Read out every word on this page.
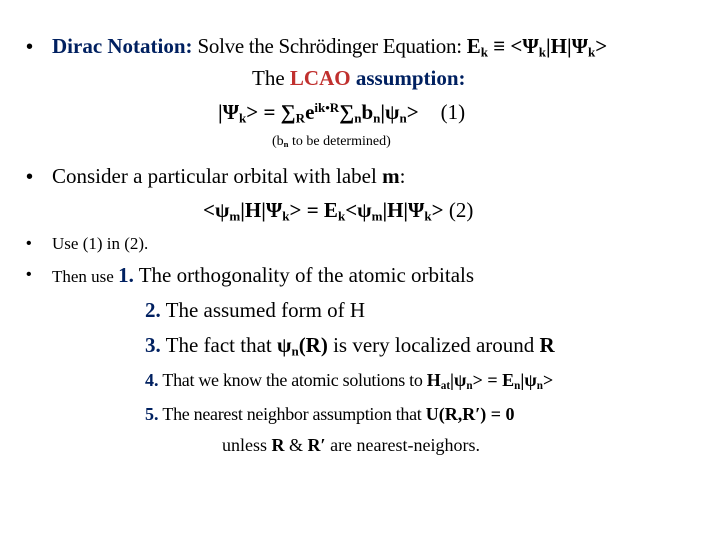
• Dirac Notation: Solve the Schrödinger Equation: $E_k \equiv <\Psi_k|H|\Psi_k>$
The LCAO assumption:
$|\Psi_k> = \sum_Re^{ik•R}\sum_nb_n|\psi_n> (1)$
($b_n$ to be determined)
• Consider a particular orbital with label m:
$<\psi_m|H|\Psi_k> = E_k<\psi_m|H|\Psi_k> (2)$
• Use (1) in (2).
• Then use 1. The orthogonality of the atomic orbitals
2. The assumed form of H
3. The fact that $\psi_n(R)$ is very localized around R
4. That we know the atomic solutions to $H_{at}|\psi_n> = E_n|\psi_n>$
5. The nearest neighbor assumption that U(R,R′) = 0
unless R & R′ are nearest-neighors.
